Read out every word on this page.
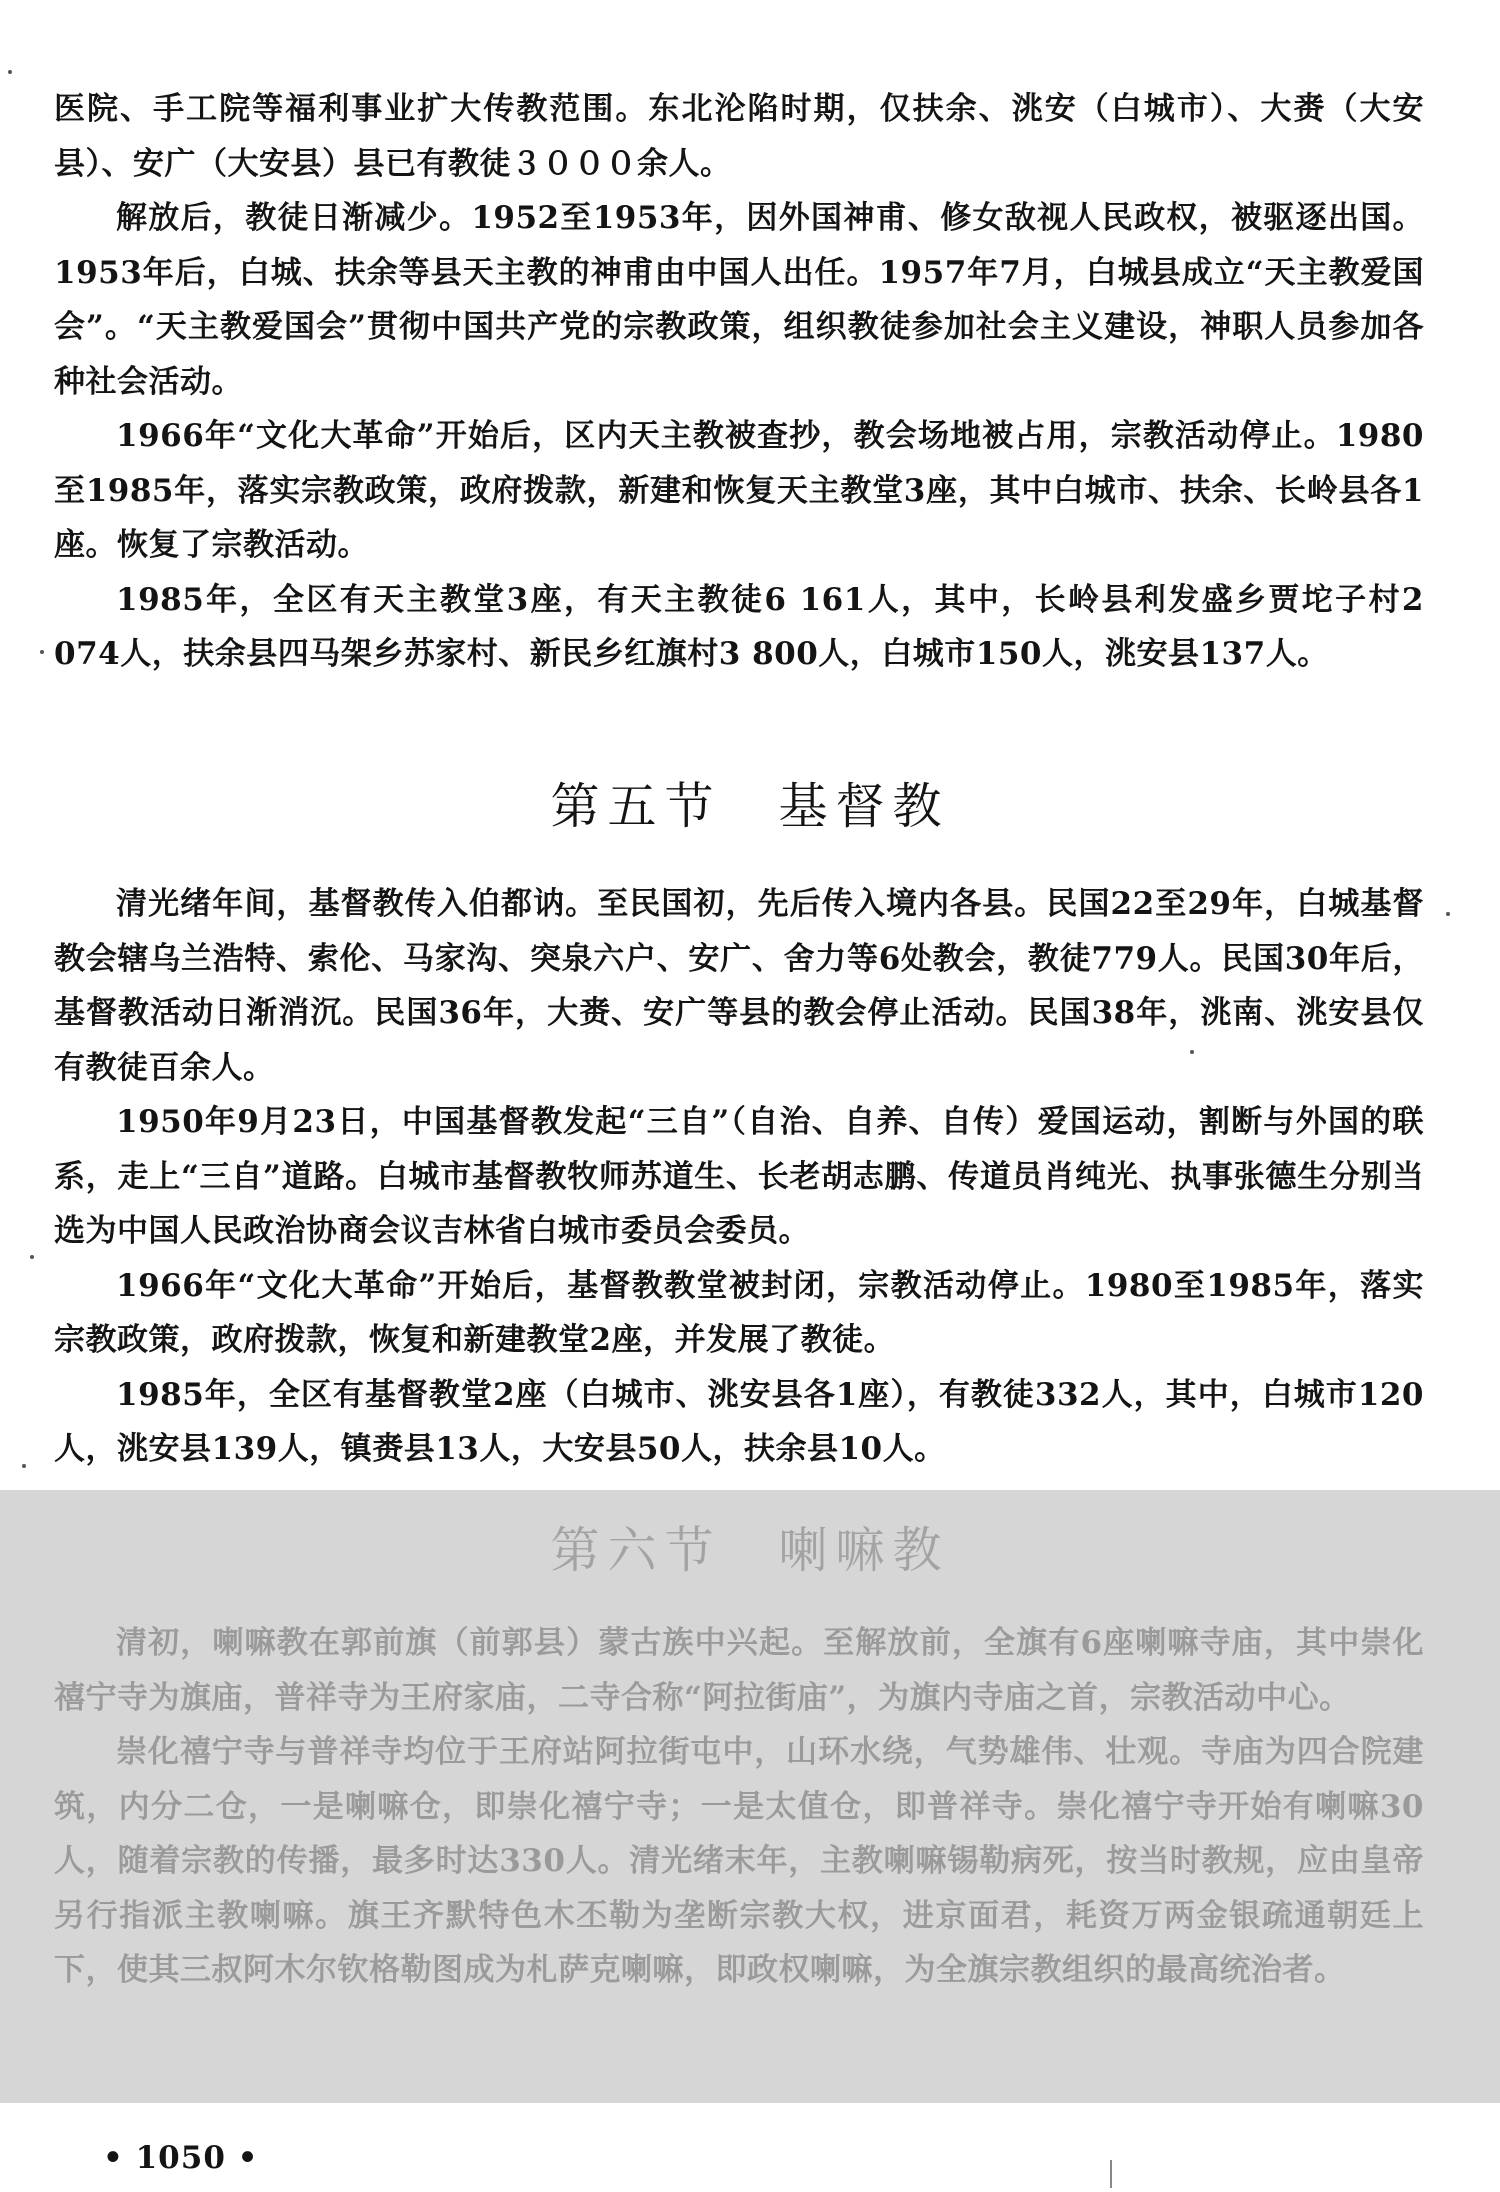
医院、手工院等福利事业扩大传教范围。东北沦陷时期，仅扶余、洮安（白城市）、大赉（大安县）、安广（大安县）县已有教徒３０００余人。

解放后，教徒日渐减少。1952至1953年，因外国神甫、修女敌视人民政权，被驱逐出国。1953年后，白城、扶余等县天主教的神甫由中国人出任。1957年7月，白城县成立“天主教爱国会”。“天主教爱国会”贯彻中国共产党的宗教政策，组织教徒参加社会主义建设，神职人员参加各种社会活动。

1966年“文化大革命”开始后，区内天主教被查抄，教会场地被占用，宗教活动停止。1980至1985年，落实宗教政策，政府拨款，新建和恢复天主教堂3座，其中白城市、扶余、长岭县各1座。恢复了宗教活动。

1985年，全区有天主教堂3座，有天主教徒6 161人，其中，长岭县利发盛乡贾坨子村2 074人，扶余县四马架乡苏家村、新民乡红旗村3 800人，白城市150人，洮安县137人。

第五节　基督教

清光绪年间，基督教传入伯都讷。至民国初，先后传入境内各县。民国22至29年，白城基督教会辖乌兰浩特、索伦、马家沟、突泉六户、安广、舍力等6处教会，教徒779人。民国30年后，基督教活动日渐消沉。民国36年，大赉、安广等县的教会停止活动。民国38年，洮南、洮安县仅有教徒百余人。

1950年9月23日，中国基督教发起“三自”（自治、自养、自传）爱国运动，割断与外国的联系，走上“三自”道路。白城市基督教牧师苏道生、长老胡志鹏、传道员肖纯光、执事张德生分别当选为中国人民政治协商会议吉林省白城市委员会委员。

1966年“文化大革命”开始后，基督教教堂被封闭，宗教活动停止。1980至1985年，落实宗教政策，政府拨款，恢复和新建教堂2座，并发展了教徒。

1985年，全区有基督教堂2座（白城市、洮安县各1座），有教徒332人，其中，白城市120人，洮安县139人，镇赉县13人，大安县50人，扶余县10人。

第六节　喇嘛教

清初，喇嘛教在郭前旗（前郭县）蒙古族中兴起。至解放前，全旗有6座喇嘛寺庙，其中崇化禧宁寺为旗庙，普祥寺为王府家庙，二寺合称“阿拉街庙”，为旗内寺庙之首，宗教活动中心。

崇化禧宁寺与普祥寺均位于王府站阿拉街屯中，山环水绕，气势雄伟、壮观。寺庙为四合院建筑，内分二仓，一是喇嘛仓，即崇化禧宁寺；一是太值仓，即普祥寺。崇化禧宁寺开始有喇嘛30人，随着宗教的传播，最多时达330人。清光绪末年，主教喇嘛锡勒病死，按当时教规，应由皇帝另行指派主教喇嘛。旗王齐默特色木丕勒为垄断宗教大权，进京面君，耗资万两金银疏通朝廷上下，使其三叔阿木尔钦格勒图成为札萨克喇嘛，即政权喇嘛，为全旗宗教组织的最高统治者。

• 1050 •
